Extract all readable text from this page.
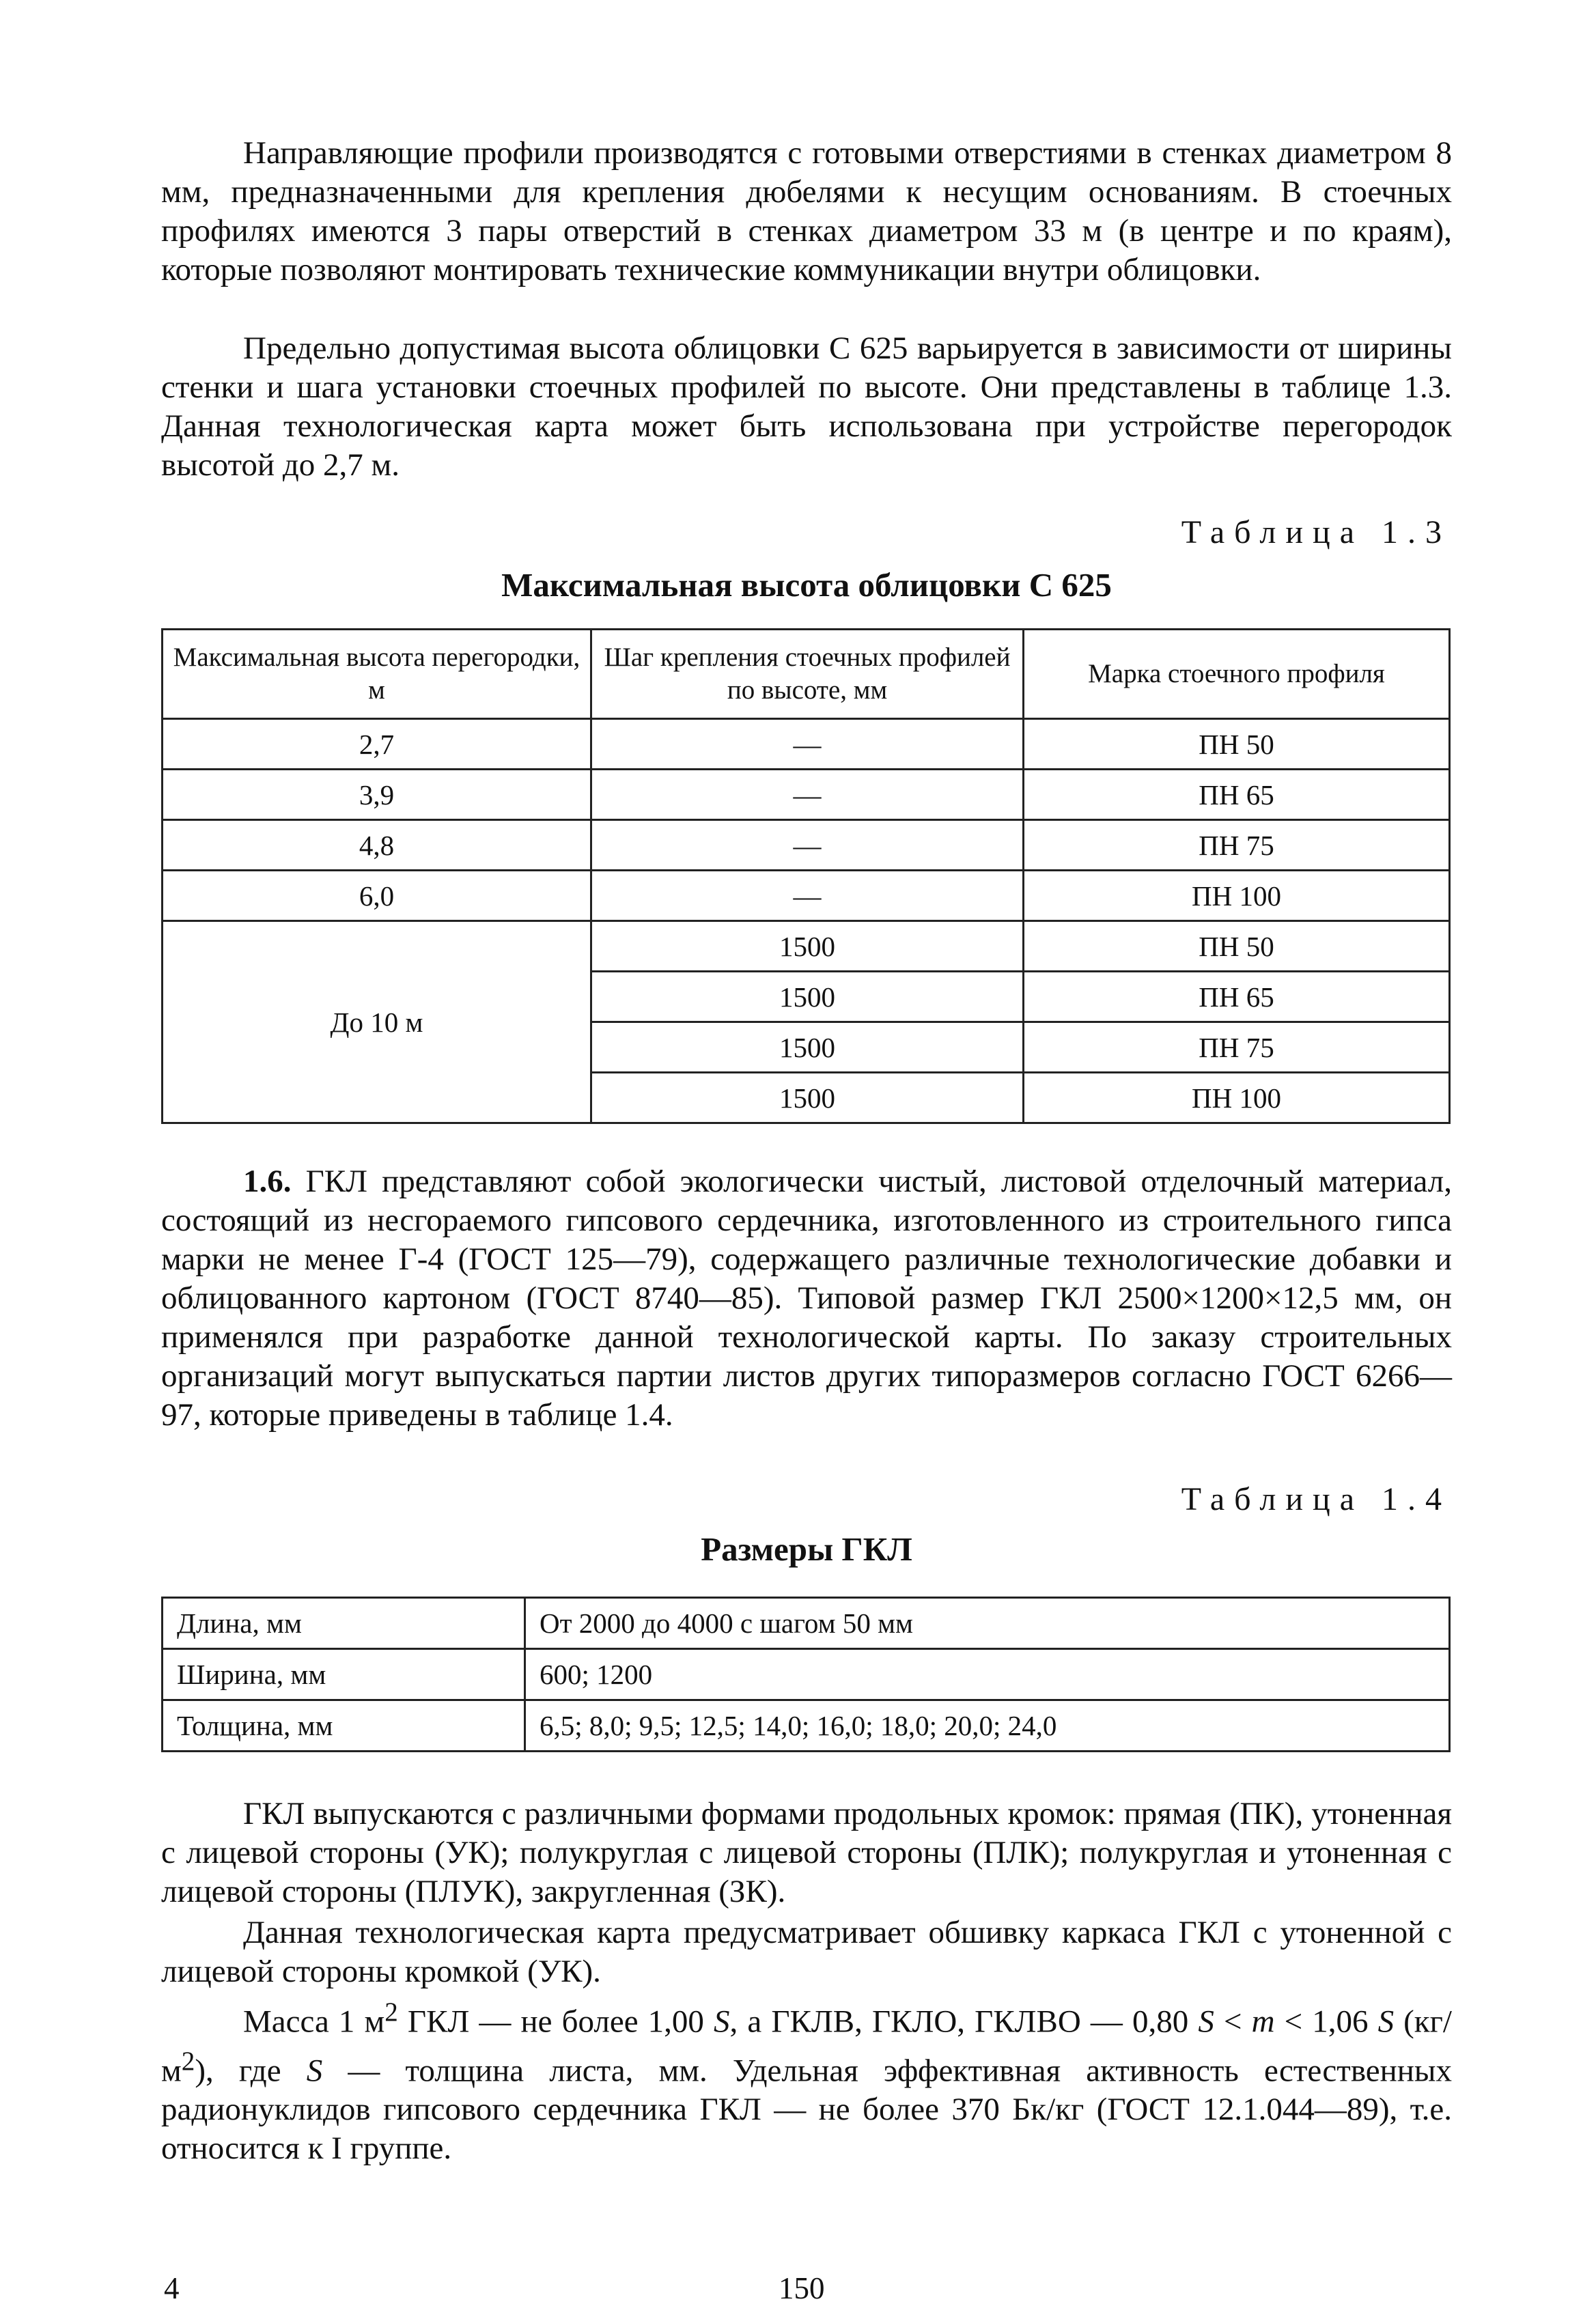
Направляющие профили производятся с готовыми отверстиями в стенках диаметром 8 мм, предназначенными для крепления дюбелями к несущим основаниям. В стоечных профилях имеются 3 пары отверстий в стенках диаметром 33 м (в центре и по краям), которые позволяют монтировать технические коммуникации внутри облицовки.
Предельно допустимая высота облицовки С 625 варьируется в зависимости от ширины стенки и шага установки стоечных профилей по высоте. Они представлены в таблице 1.3. Данная технологическая карта может быть использована при устройстве перегородок высотой до 2,7 м.
Таблица 1.3
Максимальная высота облицовки С 625
Максимальная высота перегородки, м	Шаг крепления стоечных профилей по высоте, мм	Марка стоечного профиля
2,7	—	ПН 50
3,9	—	ПН 65
4,8	—	ПН 75
6,0	—	ПН 100
До 10 м	1500	ПН 50
	1500	ПН 65
	1500	ПН 75
	1500	ПН 100
1.6. ГКЛ представляют собой экологически чистый, листовой отделочный материал, состоящий из несгораемого гипсового сердечника, изготовленного из строительного гипса марки не менее Г-4 (ГОСТ 125—79), содержащего различные технологические добавки и облицованного картоном (ГОСТ 8740—85). Типовой размер ГКЛ 2500×1200×12,5 мм, он применялся при разработке данной технологической карты. По заказу строительных организаций могут выпускаться партии листов других типоразмеров согласно ГОСТ 6266—97, которые приведены в таблице 1.4.
Таблица 1.4
Размеры ГКЛ
Длина, мм	От 2000 до 4000 с шагом 50 мм
Ширина, мм	600; 1200
Толщина, мм	6,5; 8,0; 9,5; 12,5; 14,0; 16,0; 18,0; 20,0; 24,0
ГКЛ выпускаются с различными формами продольных кромок: прямая (ПК), утоненная с лицевой стороны (УК); полукруглая с лицевой стороны (ПЛК); полукруглая и утоненная с лицевой стороны (ПЛУК), закругленная (ЗК).
Данная технологическая карта предусматривает обшивку каркаса ГКЛ с утоненной с лицевой стороны кромкой (УК).
Масса 1 $м^2$ ГКЛ — не более 1,00 S, а ГКЛВ, ГКЛО, ГКЛВО — 0,80 S < m < 1,06 S $(кг/м^2)$, где S — толщина листа, мм. Удельная эффективная активность естественных радионуклидов гипсового сердечника ГКЛ — не более 370 Бк/кг (ГОСТ 12.1.044—89), т.е. относится к I группе.
4	150
